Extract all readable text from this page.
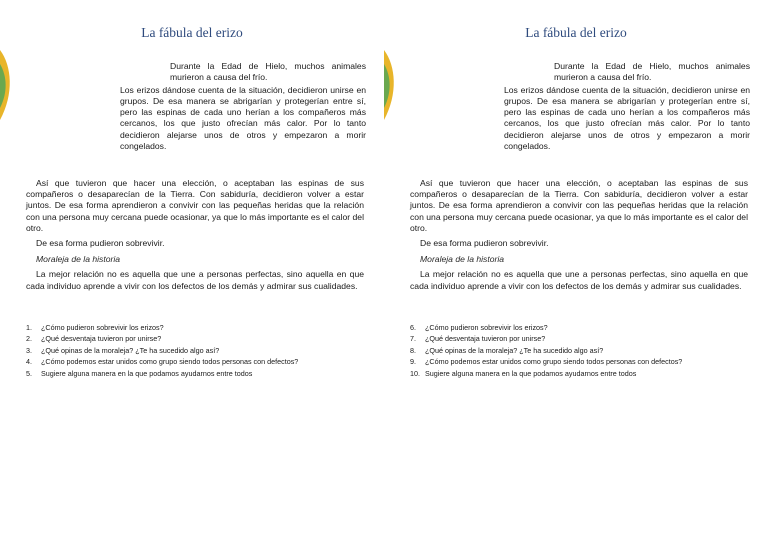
La fábula del erizo

Durante la Edad de Hielo, muchos animales murieron a causa del frío.

Los erizos dándose cuenta de la situación, decidieron unirse en grupos. De esa manera se abrigarían y protegerían entre sí, pero las espinas de cada uno herían a los compañeros más cercanos, los que justo ofrecían más calor. Por lo tanto decidieron alejarse unos de otros y empezaron a morir congelados.

Así que tuvieron que hacer una elección, o aceptaban las espinas de sus compañeros o desaparecían de la Tierra. Con sabiduría, decidieron volver a estar juntos. De esa forma aprendieron a convivir con las pequeñas heridas que la relación con una persona muy cercana puede ocasionar, ya que lo más importante es el calor del otro.

De esa forma pudieron sobrevivir.

Moraleja de la historia

La mejor relación no es aquella que une a personas perfectas, sino aquella en que cada individuo aprende a vivir con los defectos de los demás y admirar sus cualidades.

1. ¿Cómo pudieron sobrevivir los erizos?
2. ¿Qué desventaja tuvieron por unirse?
3. ¿Qué opinas de la moraleja? ¿Te ha sucedido algo así?
4. ¿Cómo podemos estar unidos como grupo siendo todos personas con defectos?
5. Sugiere alguna manera en la que podamos ayudarnos entre todos
La fábula del erizo

Durante la Edad de Hielo, muchos animales murieron a causa del frío.

Los erizos dándose cuenta de la situación, decidieron unirse en grupos. De esa manera se abrigarían y protegerían entre sí, pero las espinas de cada uno herían a los compañeros más cercanos, los que justo ofrecían más calor. Por lo tanto decidieron alejarse unos de otros y empezaron a morir congelados.

Así que tuvieron que hacer una elección, o aceptaban las espinas de sus compañeros o desaparecían de la Tierra. Con sabiduría, decidieron volver a estar juntos. De esa forma aprendieron a convivir con las pequeñas heridas que la relación con una persona muy cercana puede ocasionar, ya que lo más importante es el calor del otro.

De esa forma pudieron sobrevivir.

Moraleja de la historia

La mejor relación no es aquella que une a personas perfectas, sino aquella en que cada individuo aprende a vivir con los defectos de los demás y admirar sus cualidades.

6. ¿Cómo pudieron sobrevivir los erizos?
7. ¿Qué desventaja tuvieron por unirse?
8. ¿Qué opinas de la moraleja? ¿Te ha sucedido algo así?
9. ¿Cómo podemos estar unidos como grupo siendo todos personas con defectos?
10. Sugiere alguna manera en la que podamos ayudarnos entre todos
